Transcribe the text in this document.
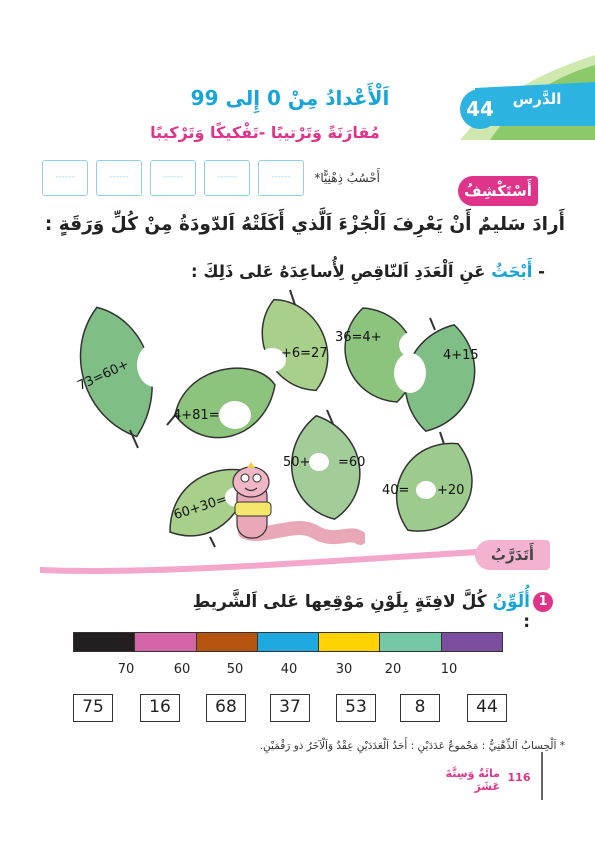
الدَّرس
44
اَلْأَعْدادُ مِنْ 0 إِلى 99
مُقارَنَةً وَتَرْتيبًا -تَفْكيكًا وَتَرْكيبًا
------	------	------	------	------	أَحْسُبُ ذِهْنِيًّا*
أَسْتَكْشِفُ
أَرادَ سَليمٌ أَنْ يَعْرِفَ اَلْجُزْءَ اَلَّذي أَكَلَتْهُ اَلدّودَةُ مِنْ كُلِّ وَرَقَةٍ :
- أَبْحَثُ عَنِ اَلْعَدَدِ اَلنّاقِصِ لِأُساعِدَهُ عَلى ذَلِكَ :
73=60+
+6=27
36=4+
4+15
4+81=
50+ =60
40= +20
60+30=
أَتَدَرَّبُ
1
أُلَوِّنُ كُلَّ لافِتَةٍ بِلَوْنِ مَوْقِعِها عَلى اَلشَّريطِ :
70	60	50	40	30	20	10
75	16	68	37	53	8	44
* اَلْحِسابُ اَلذِّهْنِيُّ : مَجْموعُ عَدَدَيْنِ : أَحَدُ اَلْعَدَدَيْنِ عِقْدٌ وَاَلْآخَرُ ذو رَقْمَيْنِ.
116
مائَةٌ وَسِتَّةَ عَشَرَ
